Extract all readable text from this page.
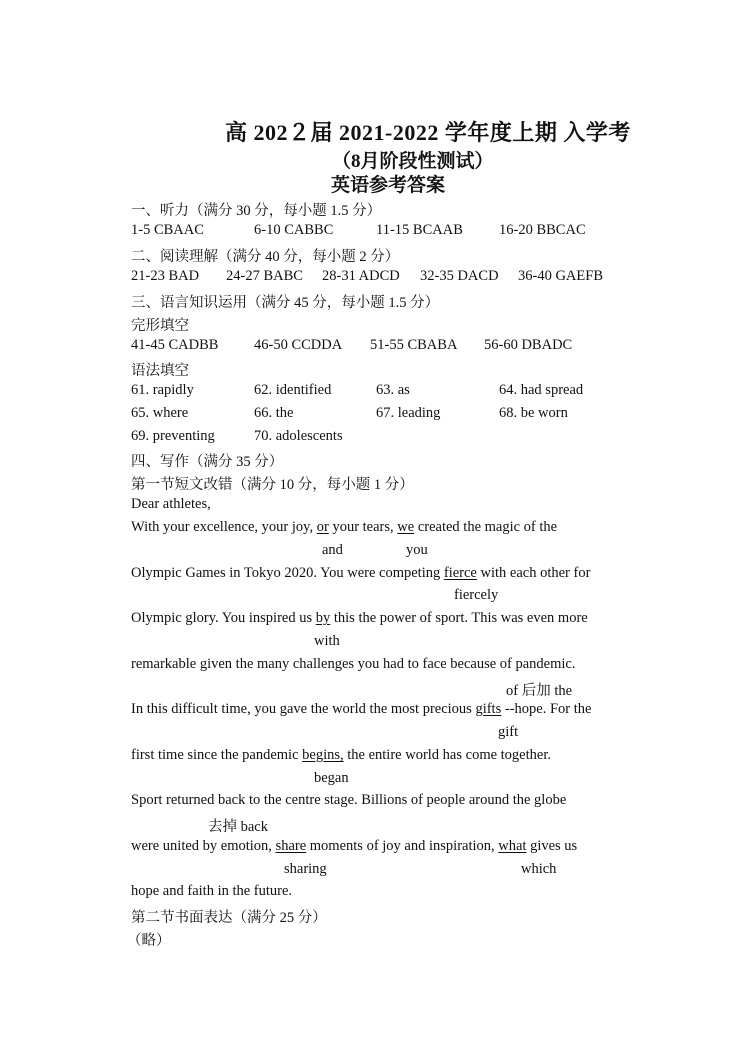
高 202２届 2021-2022 学年度上期 入学考
（8月阶段性测试）
英语参考答案
一、听力（满分 30 分，每小题 1.5 分）
1-5 CBAAC	6-10 CABBC	11-15 BCAAB 16-20 BBCAC
二、阅读理解（满分 40 分，每小题 2 分）
21-23 BAD 24-27 BABC 28-31 ADCD 32-35 DACD 36-40 GAEFB
三、语言知识运用（满分 45 分，每小题 1.5 分）
完形填空
41-45 CADBB 46-50 CCDDA 51-55 CBABA 56-60 DBADC
语法填空
61. rapidly	62. identified	63. as	64. had spread
65. where	66. the	67. leading	68. be worn
69. preventing	70. adolescents
四、写作（满分 35 分）
第一节短文改错（满分 10 分，每小题 1 分）
Dear athletes,
With your excellence, your joy, or your tears, we created the magic of the
and	you
Olympic Games in Tokyo 2020. You were competing fierce with each other for
fiercely
Olympic glory. You inspired us by this the power of sport. This was even more
with
remarkable given the many challenges you had to face because of pandemic.
of 后加 the
In this difficult time, you gave the world the most precious gifts --hope. For the
gift
first time since the pandemic begins, the entire world has come together.
began
Sport returned back to the centre stage. Billions of people around the globe
去掉 back
were united by emotion, share moments of joy and inspiration, what gives us
sharing	which
hope and faith in the future.
第二节书面表达（满分 25 分）
（略）
